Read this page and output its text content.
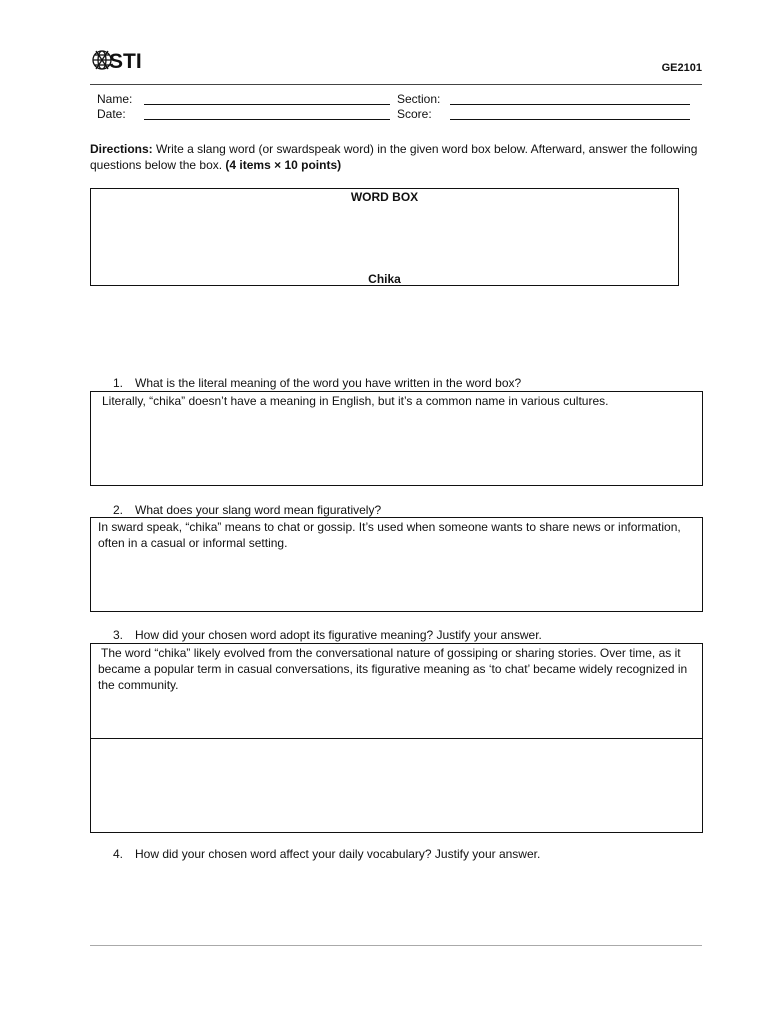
STI	GE2101
Name:
Date:
Section:
Score:
Directions: Write a slang word (or swardspeak word) in the given word box below. Afterward, answer the following questions below the box. (4 items × 10 points)
WORD BOX
Chika
1. What is the literal meaning of the word you have written in the word box?
Literally, “chika” doesn’t have a meaning in English, but it’s a common name in various cultures.
2. What does your slang word mean figuratively?
In sward speak, “chika” means to chat or gossip. It’s used when someone wants to share news or information, often in a casual or informal setting.
3. How did your chosen word adopt its figurative meaning? Justify your answer.
The word “chika” likely evolved from the conversational nature of gossiping or sharing stories. Over time, as it became a popular term in casual conversations, its figurative meaning as ‘to chat’ became widely recognized in the community.
4. How did your chosen word affect your daily vocabulary? Justify your answer.
